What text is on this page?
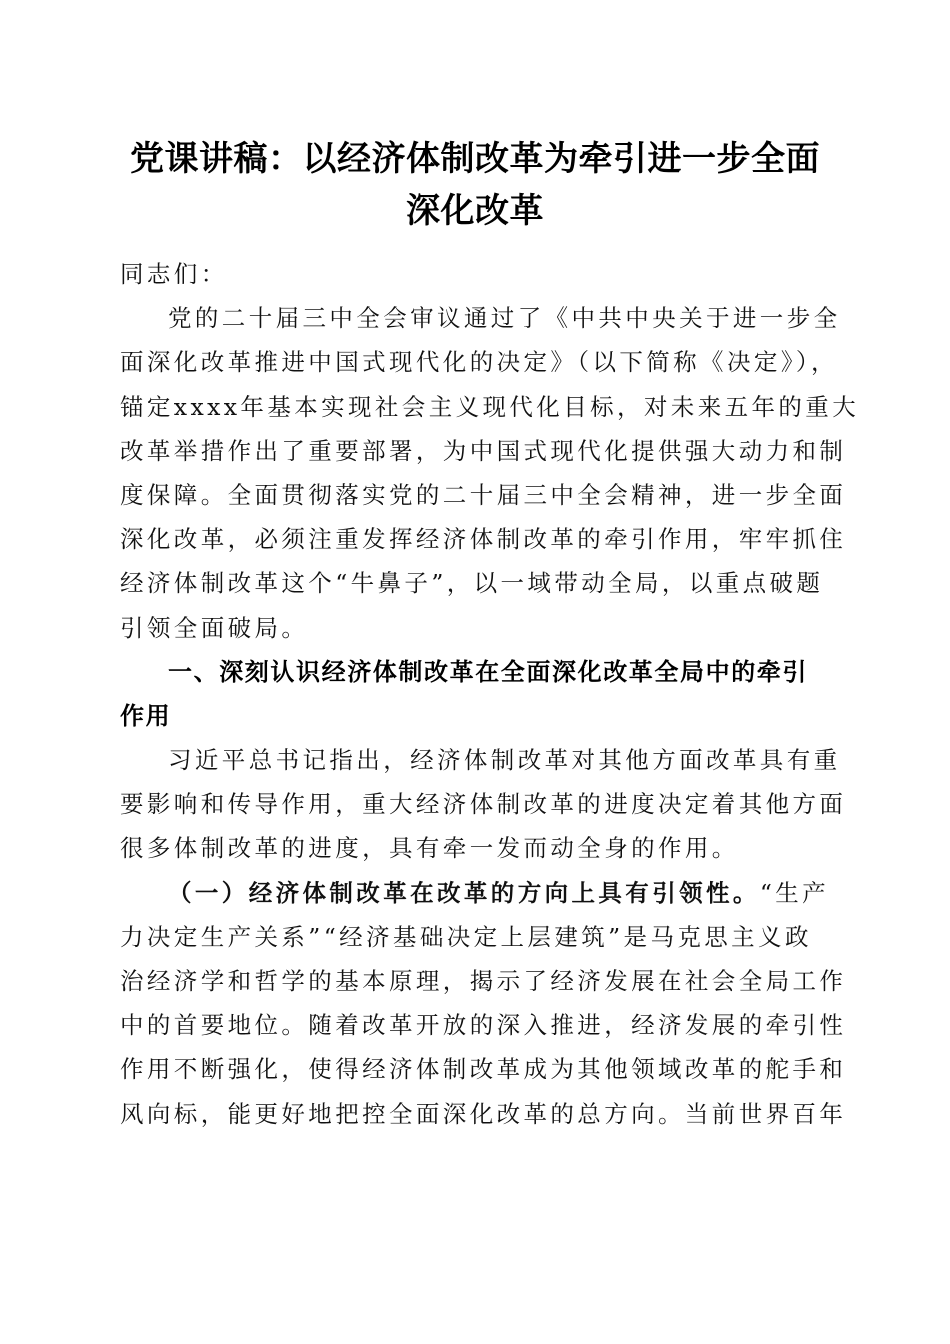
党课讲稿：以经济体制改革为牵引进一步全面
深化改革
同志们：
党的二十届三中全会审议通过了《中共中央关于进一步全
面深化改革推进中国式现代化的决定》（以下简称《决定》），
锚定xxxx年基本实现社会主义现代化目标，对未来五年的重大
改革举措作出了重要部署，为中国式现代化提供强大动力和制
度保障。全面贯彻落实党的二十届三中全会精神，进一步全面
深化改革，必须注重发挥经济体制改革的牵引作用，牢牢抓住
经济体制改革这个“牛鼻子”，以一域带动全局，以重点破题
引领全面破局。
一、深刻认识经济体制改革在全面深化改革全局中的牵引
作用
习近平总书记指出，经济体制改革对其他方面改革具有重
要影响和传导作用，重大经济体制改革的进度决定着其他方面
很多体制改革的进度，具有牵一发而动全身的作用。
（一）经济体制改革在改革的方向上具有引领性。“生产
力决定生产关系”“经济基础决定上层建筑”是马克思主义政
治经济学和哲学的基本原理，揭示了经济发展在社会全局工作
中的首要地位。随着改革开放的深入推进，经济发展的牵引性
作用不断强化，使得经济体制改革成为其他领域改革的舵手和
风向标，能更好地把控全面深化改革的总方向。当前世界百年
